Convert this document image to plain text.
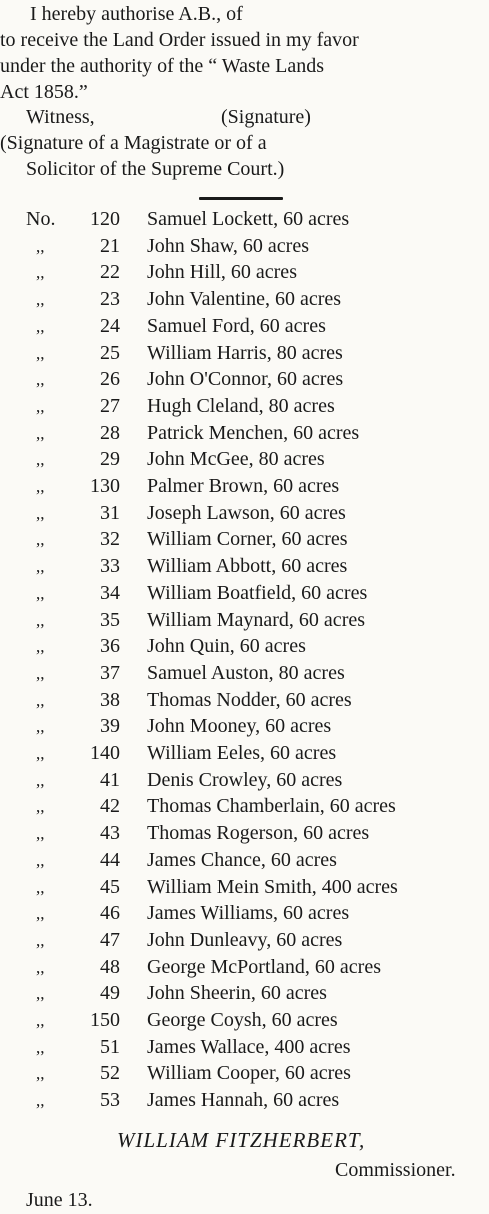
I hereby authorise A.B., of
to receive the Land Order issued in my favor
under the authority of the “ Waste Lands
Act 1858.”
Witness,	(Signature)
(Signature of a Magistrate or of a
Solicitor of the Supreme Court.)
No.	120 Samuel Lockett, 60 acres
,,	21 John Shaw, 60 acres
,,	22 John Hill, 60 acres
,,	23 John Valentine, 60 acres
,,	24 Samuel Ford, 60 acres
,,	25 William Harris, 80 acres
,,	26 John O'Connor, 60 acres
,,	27 Hugh Cleland, 80 acres
,,	28 Patrick Menchen, 60 acres
,,	29 John McGee, 80 acres
,,	130 Palmer Brown, 60 acres
,,	31 Joseph Lawson, 60 acres
,,	32 William Corner, 60 acres
,,	33 William Abbott, 60 acres
,,	34 William Boatfield, 60 acres
,,	35 William Maynard, 60 acres
,,	36 John Quin, 60 acres
,,	37 Samuel Auston, 80 acres
,,	38 Thomas Nodder, 60 acres
,,	39 John Mooney, 60 acres
,,	140 William Eeles, 60 acres
,,	41 Denis Crowley, 60 acres
,,	42 Thomas Chamberlain, 60 acres
,,	43 Thomas Rogerson, 60 acres
,,	44 James Chance, 60 acres
,,	45 William Mein Smith, 400 acres
,,	46 James Williams, 60 acres
,,	47 John Dunleavy, 60 acres
,,	48 George McPortland, 60 acres
,,	49 John Sheerin, 60 acres
,,	150 George Coysh, 60 acres
,,	51 James Wallace, 400 acres
,,	52 William Cooper, 60 acres
,,	53 James Hannah, 60 acres
WILLIAM FITZHERBERT,
Commissioner.
June 13.
